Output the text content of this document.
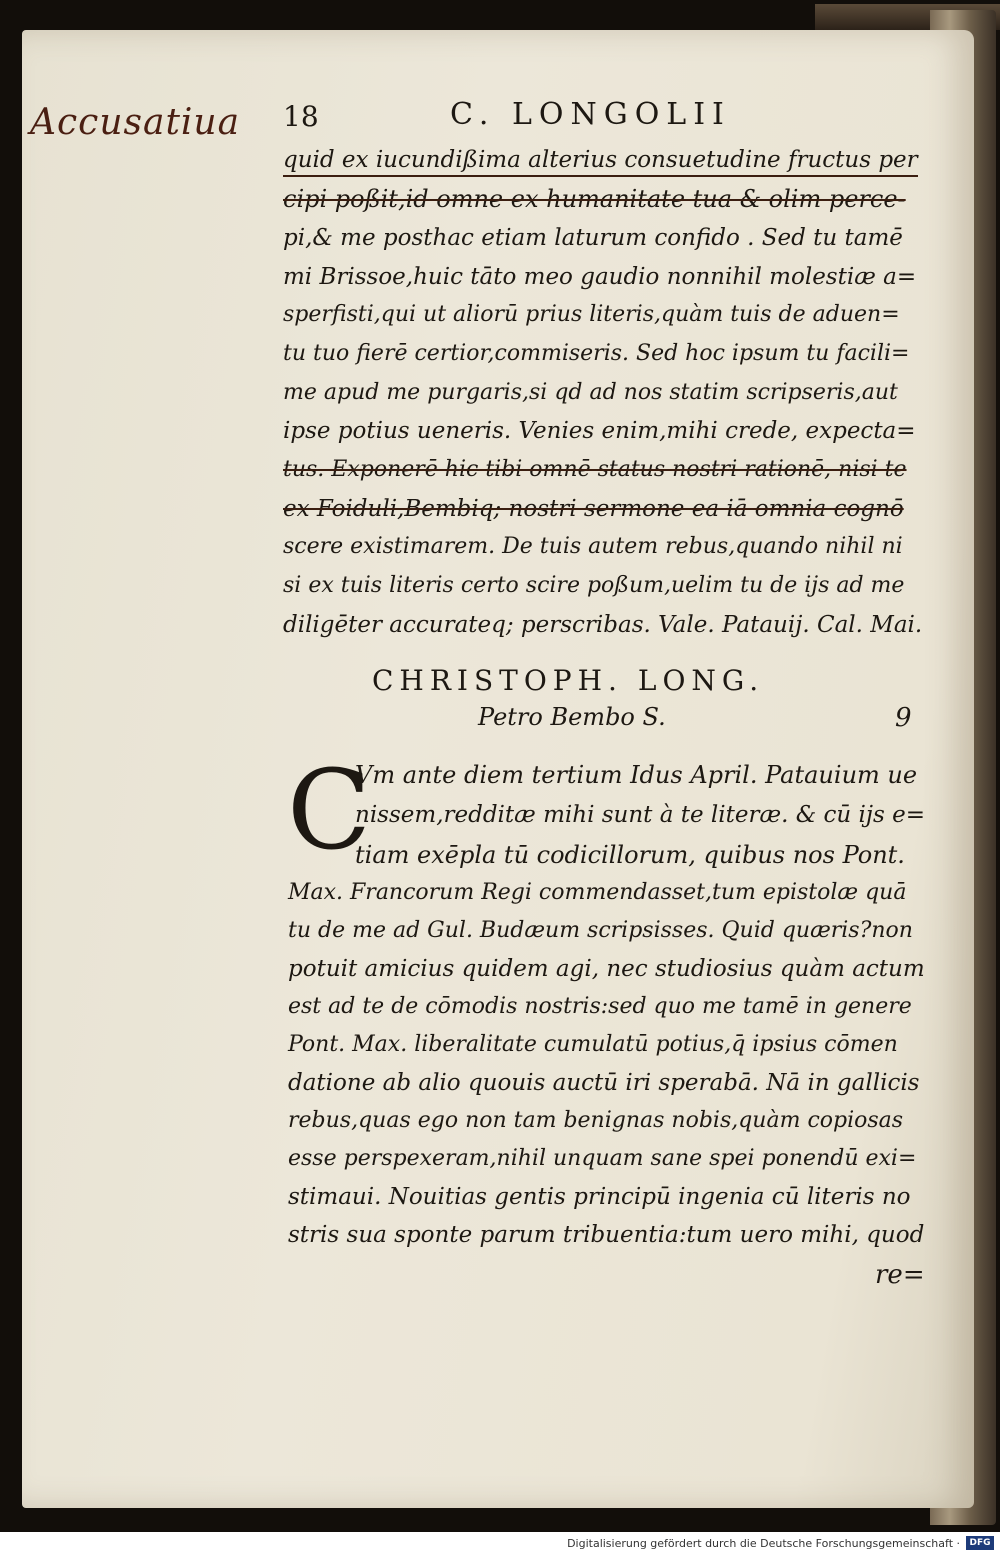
Accusatiua 18	C. LONGOLII
quid ex iucundißima alterius consuetudine fructus per
cipi poßit,id omne ex humanitate tua & olim perce-
pi,& me posthac etiam laturum confido . Sed tu tamē
mi Brissoe,huic tāto meo gaudio nonnihil molestiæ a=
sperfisti,qui ut aliorū prius literis,quàm tuis de aduen=
tu tuo fierē certior,commiseris. Sed hoc ipsum tu facili=
me apud me purgaris,si qd ad nos statim scripseris,aut
ipse potius ueneris. Venies enim,mihi crede, expecta=
tus. Exponerē hic tibi omnē status nostri rationē, nisi te
ex Foiduli,Bembiq; nostri sermone ea iā omnia cognō
scere existimarem. De tuis autem rebus,quando nihil ni
si ex tuis literis certo scire poßum,uelim tu de ijs ad me
diligēter accurateq; perscribas. Vale. Patauij. Cal. Mai.
CHRISTOPH. LONG.
Petro Bembo S.	9
C
Vm ante diem tertium Idus April. Patauium ue
nissem,redditæ mihi sunt à te literæ. & cū ijs e=
tiam exēpla tū codicillorum, quibus nos Pont.
Max. Francorum Regi commendasset,tum epistolæ quā
tu de me ad Gul. Budæum scripsisses. Quid quæris?non
potuit amicius quidem agi, nec studiosius quàm actum
est ad te de cōmodis nostris:sed quo me tamē in genere
Pont. Max. liberalitate cumulatū potius,q̄ ipsius cōmen
datione ab alio quouis auctū iri sperabā. Nā in gallicis
rebus,quas ego non tam benignas nobis,quàm copiosas
esse perspexeram,nihil unquam sane spei ponendū exi=
stimaui. Nouitias gentis principū ingenia cū literis no
stris sua sponte parum tribuentia:tum uero mihi, quod
re=
Digitalisierung gefördert durch die Deutsche Forschungsgemeinschaft ·	DFG
